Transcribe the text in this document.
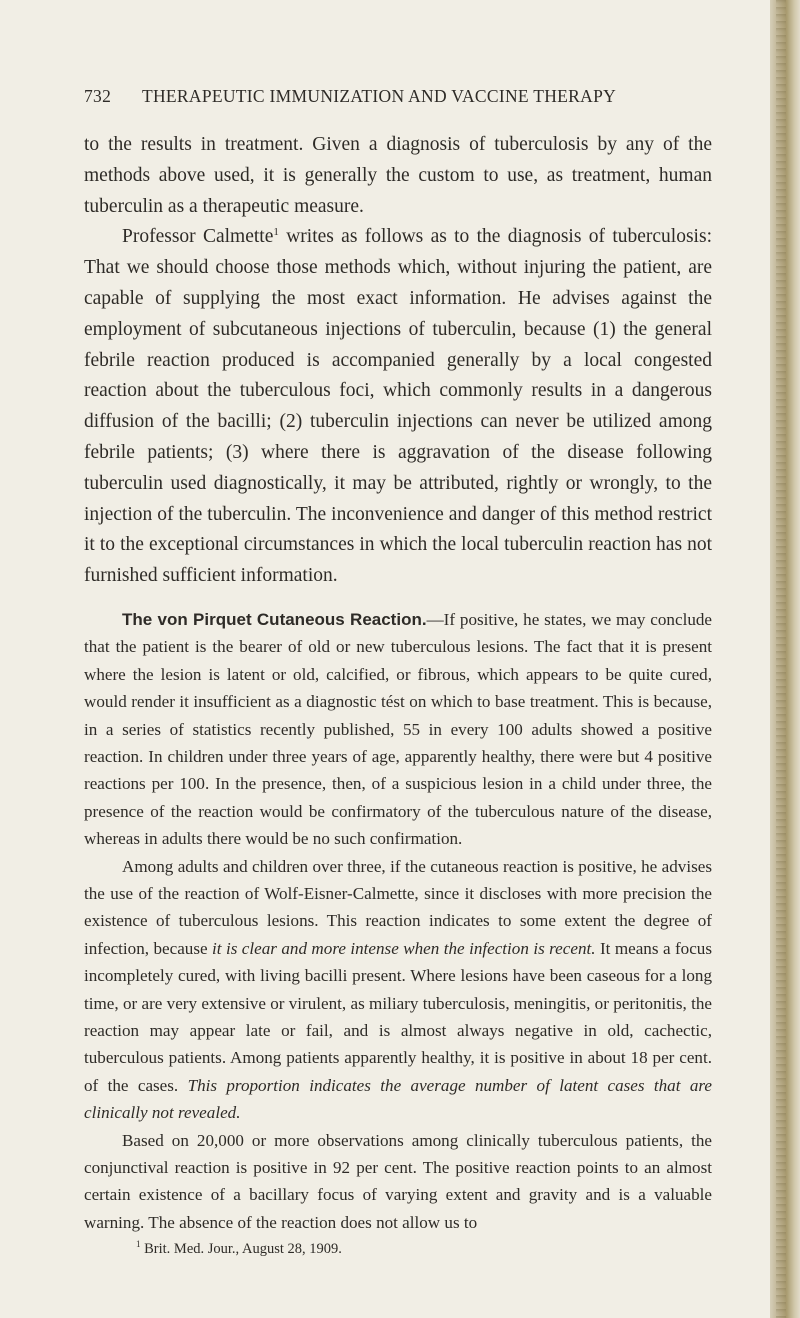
732 THERAPEUTIC IMMUNIZATION AND VACCINE THERAPY

to the results in treatment. Given a diagnosis of tuberculosis by any of the methods above used, it is generally the custom to use, as treatment, human tuberculin as a therapeutic measure.

Professor Calmette$^1$ writes as follows as to the diagnosis of tuberculosis: That we should choose those methods which, without injuring the patient, are capable of supplying the most exact information. He advises against the employment of subcutaneous injections of tuberculin, because (1) the general febrile reaction produced is accompanied generally by a local congested reaction about the tuberculous foci, which commonly results in a dangerous diffusion of the bacilli; (2) tuberculin injections can never be utilized among febrile patients; (3) where there is aggravation of the disease following tuberculin used diagnostically, it may be attributed, rightly or wrongly, to the injection of the tuberculin. The inconvenience and danger of this method restrict it to the exceptional circumstances in which the local tuberculin reaction has not furnished sufficient information.

The von Pirquet Cutaneous Reaction.—If positive, he states, we may conclude that the patient is the bearer of old or new tuberculous lesions. The fact that it is present where the lesion is latent or old, calcified, or fibrous, which appears to be quite cured, would render it insufficient as a diagnostic tést on which to base treatment. This is because, in a series of statistics recently published, 55 in every 100 adults showed a positive reaction. In children under three years of age, apparently healthy, there were but 4 positive reactions per 100. In the presence, then, of a suspicious lesion in a child under three, the presence of the reaction would be confirmatory of the tuberculous nature of the disease, whereas in adults there would be no such confirmation.

Among adults and children over three, if the cutaneous reaction is positive, he advises the use of the reaction of Wolf-Eisner-Calmette, since it discloses with more precision the existence of tuberculous lesions. This reaction indicates to some extent the degree of infection, because it is clear and more intense when the infection is recent. It means a focus incompletely cured, with living bacilli present. Where lesions have been caseous for a long time, or are very extensive or virulent, as miliary tuberculosis, meningitis, or peritonitis, the reaction may appear late or fail, and is almost always negative in old, cachectic, tuberculous patients. Among patients apparently healthy, it is positive in about 18 per cent. of the cases. This proportion indicates the average number of latent cases that are clinically not revealed.

Based on 20,000 or more observations among clinically tuberculous patients, the conjunctival reaction is positive in 92 per cent. The positive reaction points to an almost certain existence of a bacillary focus of varying extent and gravity and is a valuable warning. The absence of the reaction does not allow us to

$^1$ Brit. Med. Jour., August 28, 1909.
